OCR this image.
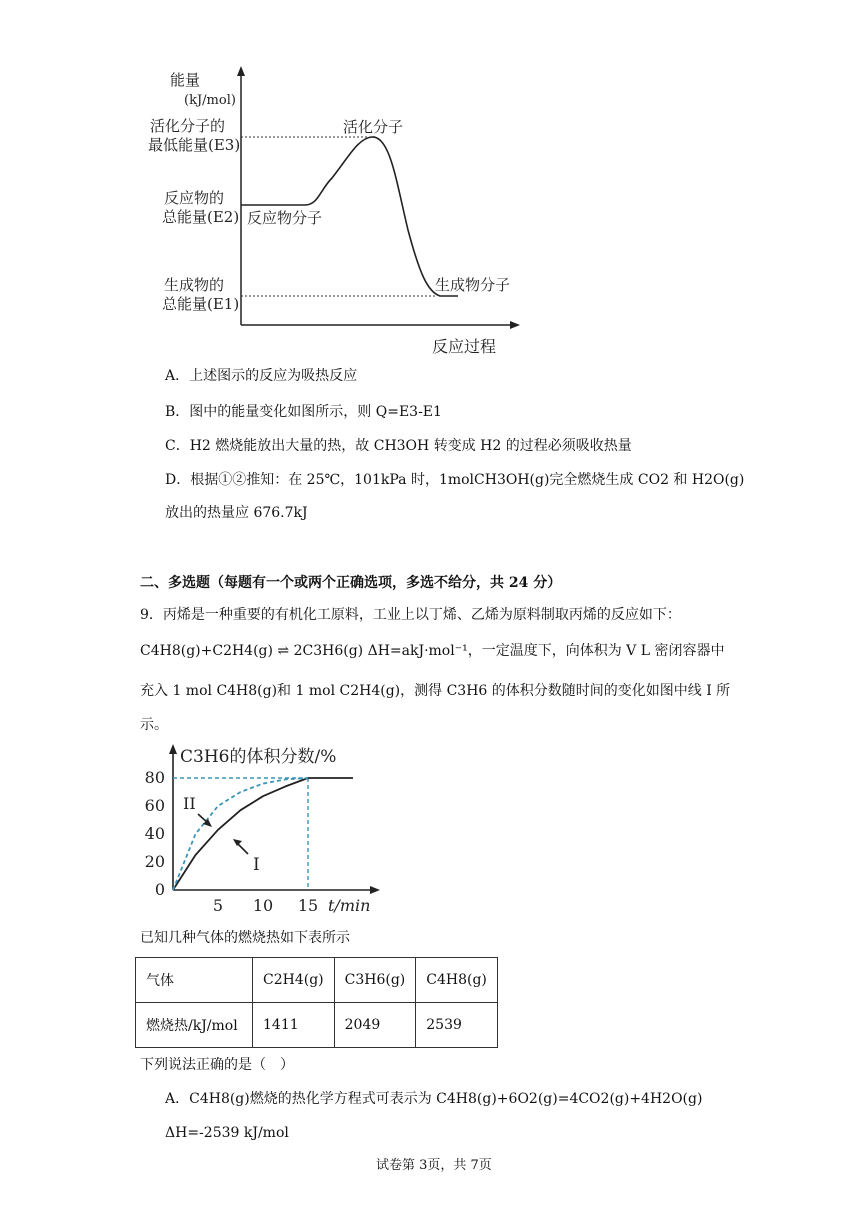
能量
(kJ/mol)
活化分子的
最低能量(E3)
反应物的
总能量(E2)
生成物的
总能量(E1)
活化分子
反应物分子
生成物分子
反应过程
A．上述图示的反应为吸热反应
B．图中的能量变化如图所示，则 Q=E3-E1
C．H2 燃烧能放出大量的热，故 CH3OH 转变成 H2 的过程必须吸收热量
D．根据①②推知：在 25℃，101kPa 时，1molCH3OH(g)完全燃烧生成 CO2 和 H2O(g)
放出的热量应 676.7kJ
二、多选题（每题有一个或两个正确选项，多选不给分，共 24 分）
9．丙烯是一种重要的有机化工原料，工业上以丁烯、乙烯为原料制取丙烯的反应如下：
C4H8(g)+C2H4(g) ⇌ 2C3H6(g) ΔH=akJ·mol⁻¹，一定温度下，向体积为 V L 密闭容器中
充入 1 mol C4H8(g)和 1 mol C2H4(g)，测得 C3H6 的体积分数随时间的变化如图中线 I 所
示。
C3H6的体积分数/%
t/min
0
20
40
60
80
5 10 15
II
I
已知几种气体的燃烧热如下表所示
气体	C2H4(g)	C3H6(g)	C4H8(g)
燃烧热/kJ/mol	1411	2049	2539
下列说法正确的是（　）
A．C4H8(g)燃烧的热化学方程式可表示为 C4H8(g)+6O2(g)=4CO2(g)+4H2O(g)
ΔH=-2539 kJ/mol
试卷第 3页，共 7页
